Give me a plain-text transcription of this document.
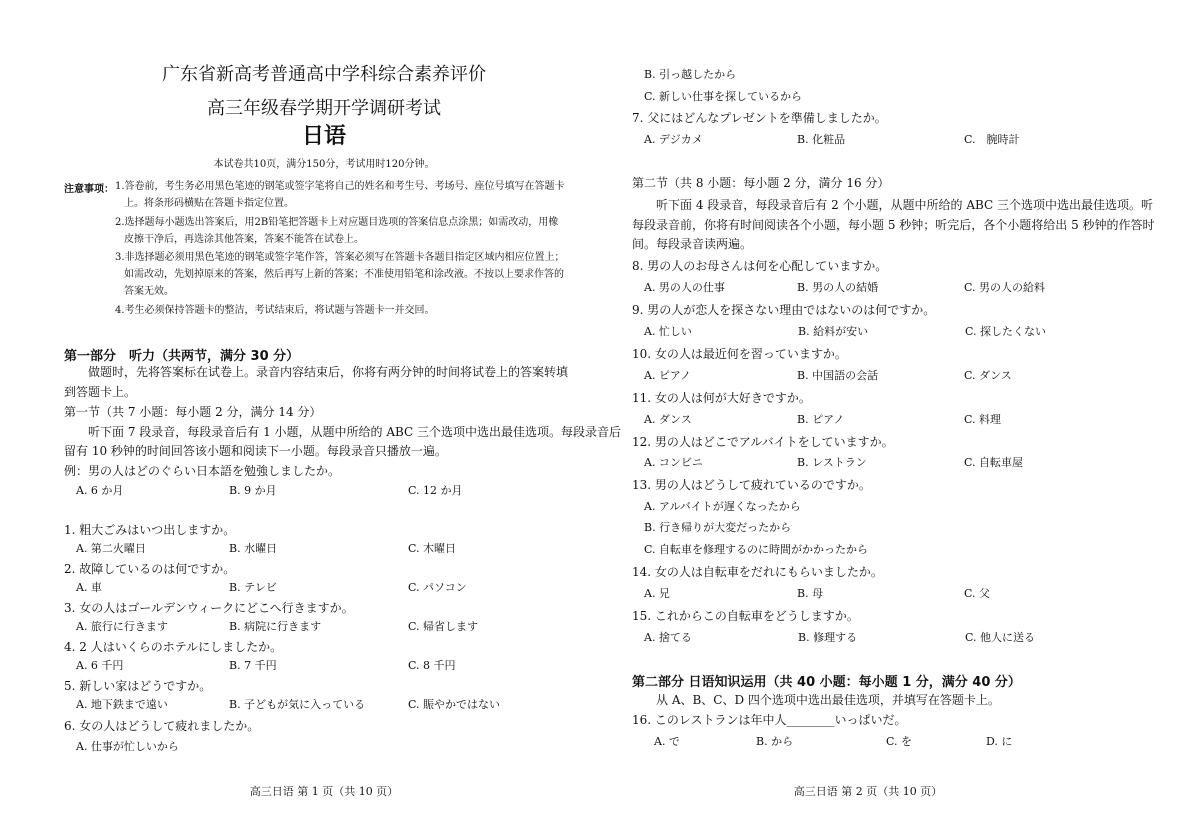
广东省新高考普通高中学科综合素养评价
高三年级春学期开学调研考试
日语
本试卷共10页，满分150分，考试用时120分钟。
注意事项： 1.答卷前，考生务必用黑色笔迹的钢笔或签字笔将自己的姓名和考生号、考场号、座位号填写在答题卡
上。将条形码横贴在答题卡指定位置。
2.选择题每小题选出答案后，用2B铅笔把答题卡上对应题目选项的答案信息点涂黑；如需改动，用橡
皮擦干净后，再选涂其他答案，答案不能答在试卷上。
3.非选择题必须用黑色笔迹的钢笔或签字笔作答，答案必须写在答题卡各题目指定区域内相应位置上；
如需改动，先划掉原来的答案，然后再写上新的答案；不准使用铅笔和涂改液。不按以上要求作答的
答案无效。
4.考生必须保持答题卡的整洁，考试结束后，将试题与答题卡一并交回。
第一部分　听力（共两节，满分 30 分）
做题时，先将答案标在试卷上。录音内容结束后，你将有两分钟的时间将试卷上的答案转填
到答题卡上。
第一节（共 7 小题：每小题 2 分，满分 14 分）
听下面 7 段录音，每段录音后有 1 小题，从题中所给的 ABC 三个选项中选出最佳选项。每段录音后
留有 10 秒钟的时间回答该小题和阅读下一小题。每段录音只播放一遍。
例：男の人はどのぐらい日本語を勉強しましたか。
A. 6 か月	B. 9 か月	C. 12 か月
1. 粗大ごみはいつ出しますか。
A. 第二火曜日	B. 水曜日	C. 木曜日
2. 故障しているのは何ですか。
A. 車	B. テレビ	C. パソコン
3. 女の人はゴールデンウィークにどこへ行きますか。
A. 旅行に行きます	B. 病院に行きます	C. 帰省します
4. 2 人はいくらのホテルにしましたか。
A. 6 千円	B. 7 千円	C. 8 千円
5. 新しい家はどうですか。
A. 地下鉄まで遠い	B. 子どもが気に入っている	C. 賑やかではない
6. 女の人はどうして疲れましたか。
A. 仕事が忙しいから
高三日语 第 1 页（共 10 页）
B. 引っ越したから
C. 新しい仕事を探しているから
7. 父にはどんなプレゼントを準備しましたか。
A. デジカメ	B. 化粧品	C.　腕時計
第二节（共 8 小题：每小题 2 分，満分 16 分）
听下面 4 段录音，每段录音后有 2 个小题，从题中所给的 ABC 三个选项中选出最佳选项。听
每段录音前，你将有时间阅读各个小题，每小题 5 秒钟；听完后，各个小题将给出 5 秒钟的作答时
间。每段录音读两遍。
8. 男の人のお母さんは何を心配していますか。
A. 男の人の仕事	B. 男の人の結婚	C. 男の人の給料
9. 男の人が恋人を探さない理由ではないのは何ですか。
A. 忙しい	B. 給料が安い	C. 探したくない
10. 女の人は最近何を習っていますか。
A. ピアノ	B. 中国語の会話	C. ダンス
11. 女の人は何が大好きですか。
A. ダンス	B. ピアノ	C. 料理
12. 男の人はどこでアルバイトをしていますか。
A. コンビニ	B. レストラン	C. 自転車屋
13. 男の人はどうして疲れているのですか。
A. アルバイトが遅くなったから
B. 行き帰りが大変だったから
C. 自転車を修理するのに時間がかかったから
14. 女の人は自転車をだれにもらいましたか。
A. 兄	B. 母	C. 父
15. これからこの自転車をどうしますか。
A. 捨てる	B. 修理する	C. 他人に送る
第二部分 日语知识运用（共 40 小题：每小题 1 分，满分 40 分）
从 A、B、C、D 四个选项中选出最佳选项，并填写在答题卡上。
16. このレストランは年中人________いっぱいだ。
A. で	B. から	C. を	D. に
高三日语 第 2 页（共 10 页）
